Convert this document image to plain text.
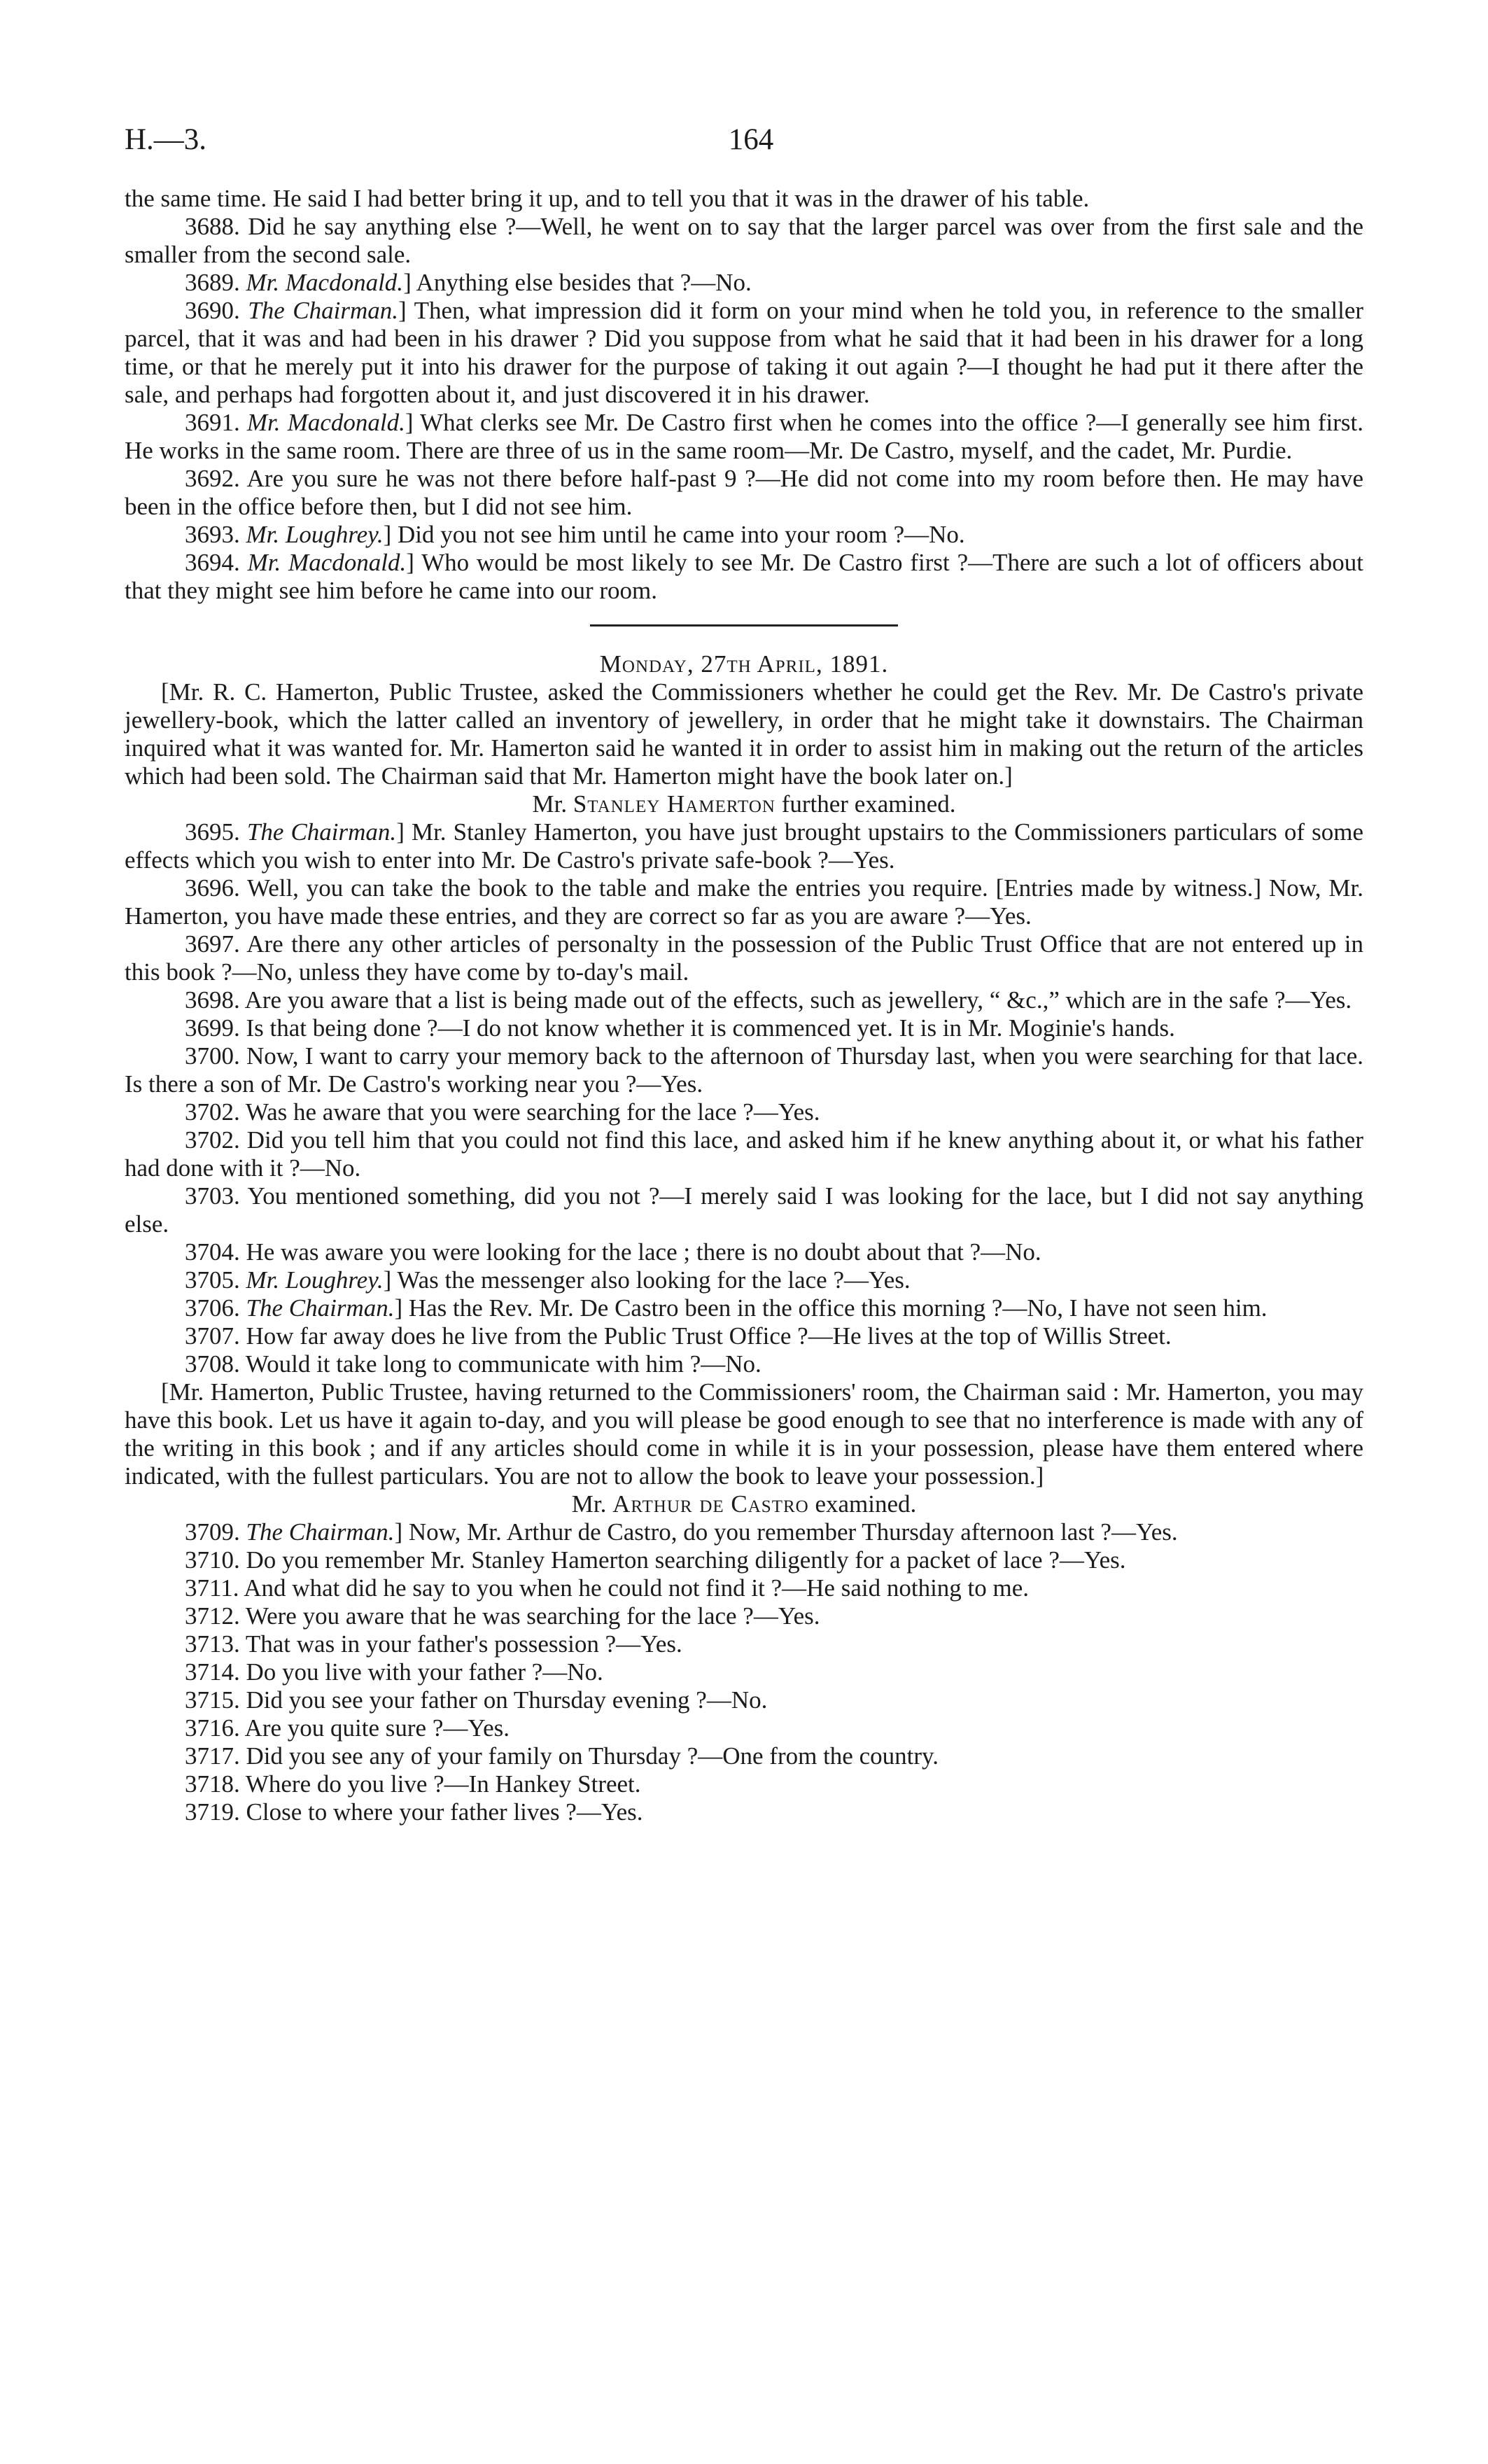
H.—3.	164

the same time. He said I had better bring it up, and to tell you that it was in the drawer of his table.

3688. Did he say anything else ?—Well, he went on to say that the larger parcel was over from the first sale and the smaller from the second sale.

3689. Mr. Macdonald.] Anything else besides that ?—No.

3690. The Chairman.] Then, what impression did it form on your mind when he told you, in reference to the smaller parcel, that it was and had been in his drawer ? Did you suppose from what he said that it had been in his drawer for a long time, or that he merely put it into his drawer for the purpose of taking it out again ?—I thought he had put it there after the sale, and perhaps had forgotten about it, and just discovered it in his drawer.

3691. Mr. Macdonald.] What clerks see Mr. De Castro first when he comes into the office ?—I generally see him first. He works in the same room. There are three of us in the same room—Mr. De Castro, myself, and the cadet, Mr. Purdie.

3692. Are you sure he was not there before half-past 9 ?—He did not come into my room before then. He may have been in the office before then, but I did not see him.

3693. Mr. Loughrey.] Did you not see him until he came into your room ?—No.

3694. Mr. Macdonald.] Who would be most likely to see Mr. De Castro first ?—There are such a lot of officers about that they might see him before he came into our room.

Monday, 27th April, 1891.

[Mr. R. C. Hamerton, Public Trustee, asked the Commissioners whether he could get the Rev. Mr. De Castro's private jewellery-book, which the latter called an inventory of jewellery, in order that he might take it downstairs. The Chairman inquired what it was wanted for. Mr. Hamerton said he wanted it in order to assist him in making out the return of the articles which had been sold. The Chairman said that Mr. Hamerton might have the book later on.]

Mr. Stanley Hamerton further examined.

3695. The Chairman.] Mr. Stanley Hamerton, you have just brought upstairs to the Commissioners particulars of some effects which you wish to enter into Mr. De Castro's private safe-book ?—Yes.

3696. Well, you can take the book to the table and make the entries you require. [Entries made by witness.] Now, Mr. Hamerton, you have made these entries, and they are correct so far as you are aware ?—Yes.

3697. Are there any other articles of personalty in the possession of the Public Trust Office that are not entered up in this book ?—No, unless they have come by to-day's mail.

3698. Are you aware that a list is being made out of the effects, such as jewellery, “ &c.,” which are in the safe ?—Yes.

3699. Is that being done ?—I do not know whether it is commenced yet. It is in Mr. Moginie's hands.

3700. Now, I want to carry your memory back to the afternoon of Thursday last, when you were searching for that lace. Is there a son of Mr. De Castro's working near you ?—Yes.

3702. Was he aware that you were searching for the lace ?—Yes.

3702. Did you tell him that you could not find this lace, and asked him if he knew anything about it, or what his father had done with it ?—No.

3703. You mentioned something, did you not ?—I merely said I was looking for the lace, but I did not say anything else.

3704. He was aware you were looking for the lace ; there is no doubt about that ?—No.

3705. Mr. Loughrey.] Was the messenger also looking for the lace ?—Yes.

3706. The Chairman.] Has the Rev. Mr. De Castro been in the office this morning ?—No, I have not seen him.

3707. How far away does he live from the Public Trust Office ?—He lives at the top of Willis Street.

3708. Would it take long to communicate with him ?—No.

[Mr. Hamerton, Public Trustee, having returned to the Commissioners' room, the Chairman said : Mr. Hamerton, you may have this book. Let us have it again to-day, and you will please be good enough to see that no interference is made with any of the writing in this book ; and if any articles should come in while it is in your possession, please have them entered where indicated, with the fullest particulars. You are not to allow the book to leave your possession.]

Mr. Arthur de Castro examined.

3709. The Chairman.] Now, Mr. Arthur de Castro, do you remember Thursday afternoon last ?—Yes.

3710. Do you remember Mr. Stanley Hamerton searching diligently for a packet of lace ?—Yes.

3711. And what did he say to you when he could not find it ?—He said nothing to me.

3712. Were you aware that he was searching for the lace ?—Yes.

3713. That was in your father's possession ?—Yes.

3714. Do you live with your father ?—No.

3715. Did you see your father on Thursday evening ?—No.

3716. Are you quite sure ?—Yes.

3717. Did you see any of your family on Thursday ?—One from the country.

3718. Where do you live ?—In Hankey Street.

3719. Close to where your father lives ?—Yes.
